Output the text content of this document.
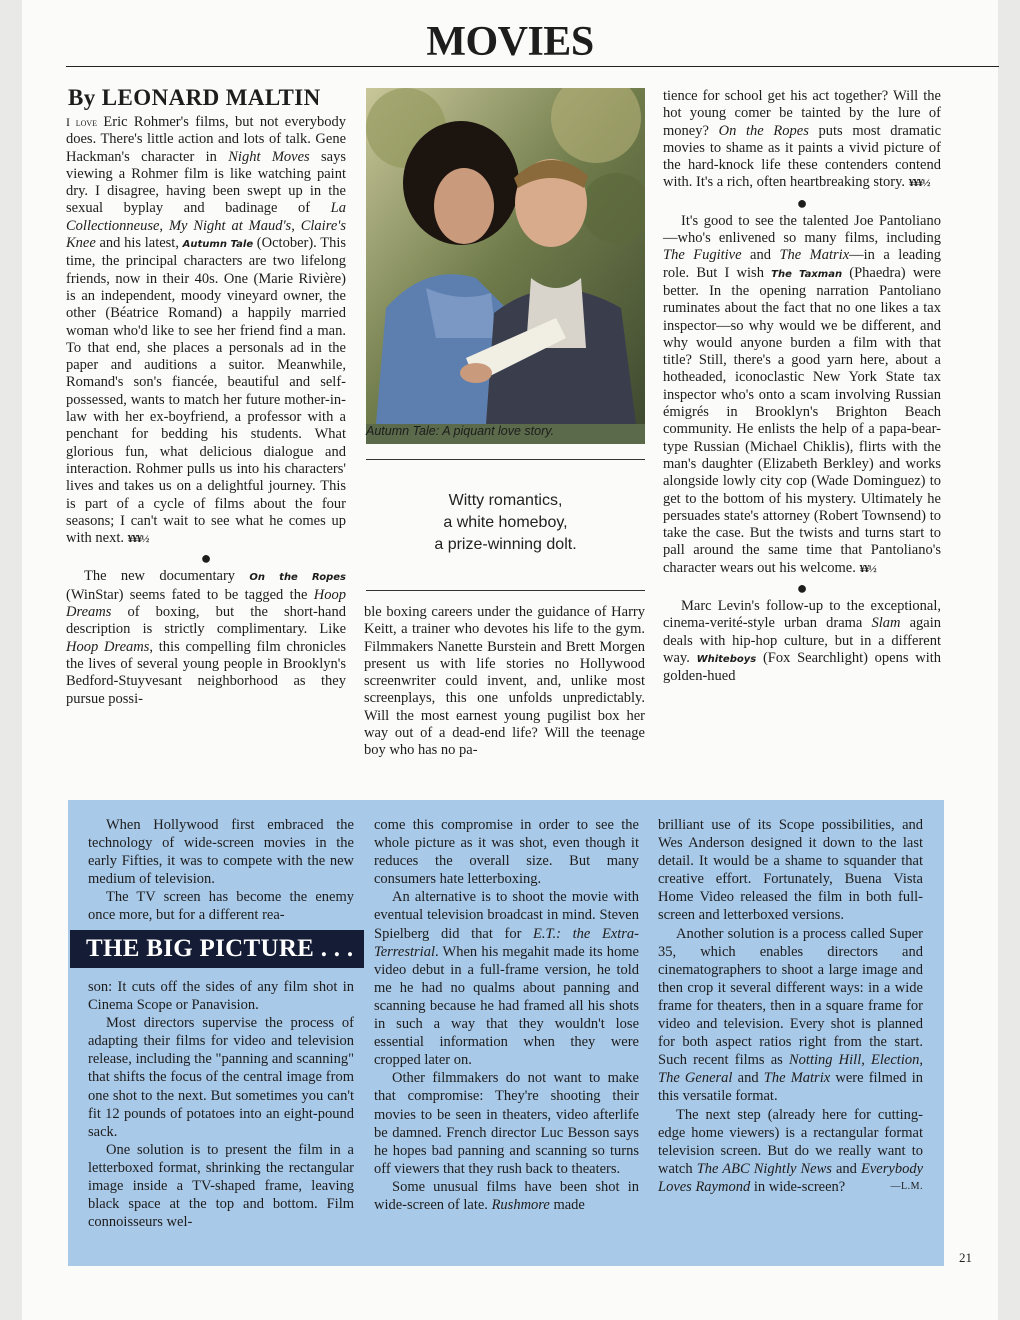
MOVIES
By LEONARD MALTIN

I love Eric Rohmer's films, but not everybody does. There's little action and lots of talk. Gene Hackman's character in Night Moves says viewing a Rohmer film is like watching paint dry. I disagree, having been swept up in the sexual byplay and badinage of La Collectionneuse, My Night at Maud's, Claire's Knee and his latest, Autumn Tale (October). This time, the principal characters are two lifelong friends, now in their 40s. One (Marie Rivière) is an independent, moody vineyard owner, the other (Béatrice Romand) a happily married woman who'd like to see her friend find a man. To that end, she places a personals ad in the paper and auditions a suitor. Meanwhile, Romand's son's fiancée, beautiful and self-possessed, wants to match her future mother-in-law with her ex-boyfriend, a professor with a penchant for bedding his students. What glorious fun, what delicious dialogue and interaction. Rohmer pulls us into his characters' lives and takes us on a delightful journey. This is part of a cycle of films about the four seasons; I can't wait to see what he comes up with next. ¥¥¥½

●

The new documentary On the Ropes (WinStar) seems fated to be tagged the Hoop Dreams of boxing, but the short-hand description is strictly complimentary. Like Hoop Dreams, this compelling film chronicles the lives of several young people in Brooklyn's Bedford-Stuyvesant neighborhood as they pursue possi-

Autumn Tale: A piquant love story.
Witty romantics,
a white homeboy,
a prize-winning dolt.

ble boxing careers under the guidance of Harry Keitt, a trainer who devotes his life to the gym. Filmmakers Nanette Burstein and Brett Morgen present us with life stories no Hollywood screenwriter could invent, and, unlike most screenplays, this one unfolds unpredictably. Will the most earnest young pugilist box her way out of a dead-end life? Will the teenage boy who has no pa-

tience for school get his act together? Will the hot young comer be tainted by the lure of money? On the Ropes puts most dramatic movies to shame as it paints a vivid picture of the hard-knock life these contenders contend with. It's a rich, often heartbreaking story. ¥¥¥½

●

It's good to see the talented Joe Pantoliano—who's enlivened so many films, including The Fugitive and The Matrix—in a leading role. But I wish The Taxman (Phaedra) were better. In the opening narration Pantoliano ruminates about the fact that no one likes a tax inspector—so why would we be different, and why would anyone burden a film with that title? Still, there's a good yarn here, about a hotheaded, iconoclastic New York State tax inspector who's onto a scam involving Russian émigrés in Brooklyn's Brighton Beach community. He enlists the help of a papa-bear-type Russian (Michael Chiklis), flirts with the man's daughter (Elizabeth Berkley) and works alongside lowly city cop (Wade Dominguez) to get to the bottom of his mystery. Ultimately he persuades state's attorney (Robert Townsend) to take the case. But the twists and turns start to pall around the same time that Pantoliano's character wears out his welcome. ¥¥½

●

Marc Levin's follow-up to the exceptional, cinema-verité-style urban drama Slam again deals with hip-hop culture, but in a different way. Whiteboys (Fox Searchlight) opens with golden-hued

When Hollywood first embraced the technology of wide-screen movies in the early Fifties, it was to compete with the new medium of television.

The TV screen has become the enemy once more, but for a different rea-

THE BIG PICTURE . . .

son: It cuts off the sides of any film shot in Cinema Scope or Panavision.

Most directors supervise the process of adapting their films for video and television release, including the "panning and scanning" that shifts the focus of the central image from one shot to the next. But sometimes you can't fit 12 pounds of potatoes into an eight-pound sack.

One solution is to present the film in a letterboxed format, shrinking the rectangular image inside a TV-shaped frame, leaving black space at the top and bottom. Film connoisseurs wel-

come this compromise in order to see the whole picture as it was shot, even though it reduces the overall size. But many consumers hate letterboxing.

An alternative is to shoot the movie with eventual television broadcast in mind. Steven Spielberg did that for E.T.: the Extra-Terrestrial. When his megahit made its home video debut in a full-frame version, he told me he had no qualms about panning and scanning because he had framed all his shots in such a way that they wouldn't lose essential information when they were cropped later on.

Other filmmakers do not want to make that compromise: They're shooting their movies to be seen in theaters, video afterlife be damned. French director Luc Besson says he hopes bad panning and scanning so turns off viewers that they rush back to theaters.

Some unusual films have been shot in wide-screen of late. Rushmore made

brilliant use of its Scope possibilities, and Wes Anderson designed it down to the last detail. It would be a shame to squander that creative effort. Fortunately, Buena Vista Home Video released the film in both full-screen and letterboxed versions.

Another solution is a process called Super 35, which enables directors and cinematographers to shoot a large image and then crop it several different ways: in a wide frame for theaters, then in a square frame for video and television. Every shot is planned for both aspect ratios right from the start. Such recent films as Notting Hill, Election, The General and The Matrix were filmed in this versatile format.

The next step (already here for cutting-edge home viewers) is a rectangular format television screen. But do we really want to watch The ABC Nightly News and Everybody Loves Raymond in wide-screen?	—L.M.

21
